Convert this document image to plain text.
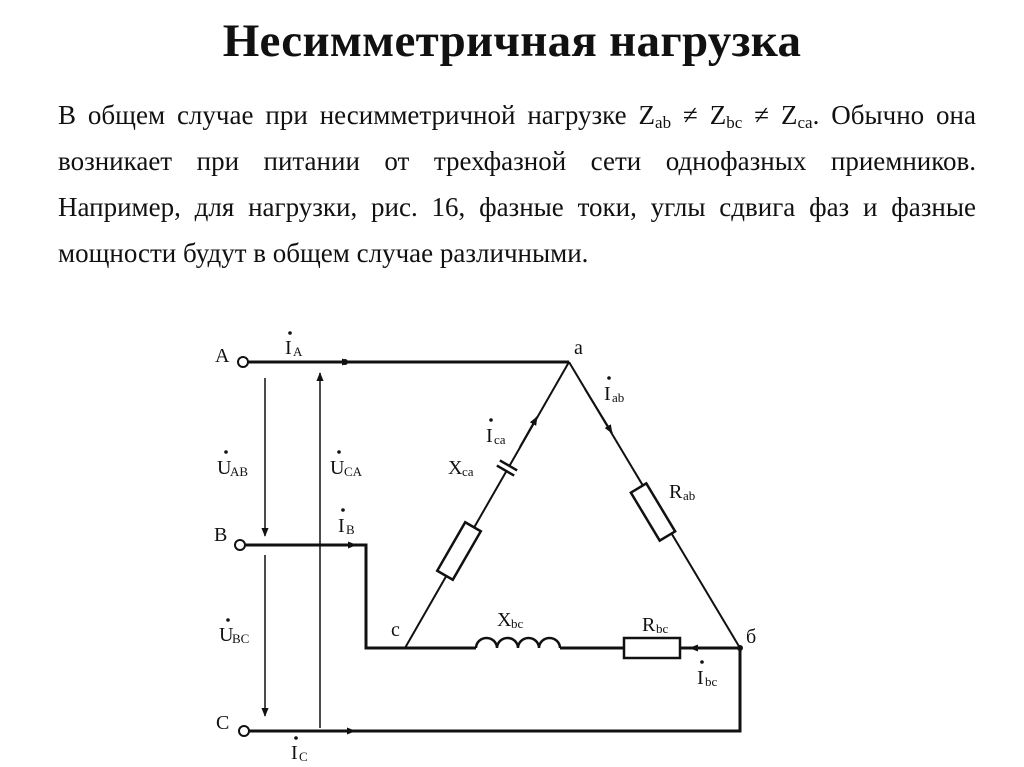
Несимметричная нагрузка

В общем случае при несимметричной нагрузке $Z_{ab} \ne Z_{bc} \ne Z_{ca}$. Обычно она возникает при питании от трехфазной сети однофазных приемников. Например, для нагрузки, рис. 16, фазные токи, углы сдвига фаз и фазные мощности будут в общем случае различными.

A
B
C
a
б
c
I A
I B
I C
I ab
I ca
I bc
U
AB	U CA
U
BC
X ca
R ab
X bc	R bc
